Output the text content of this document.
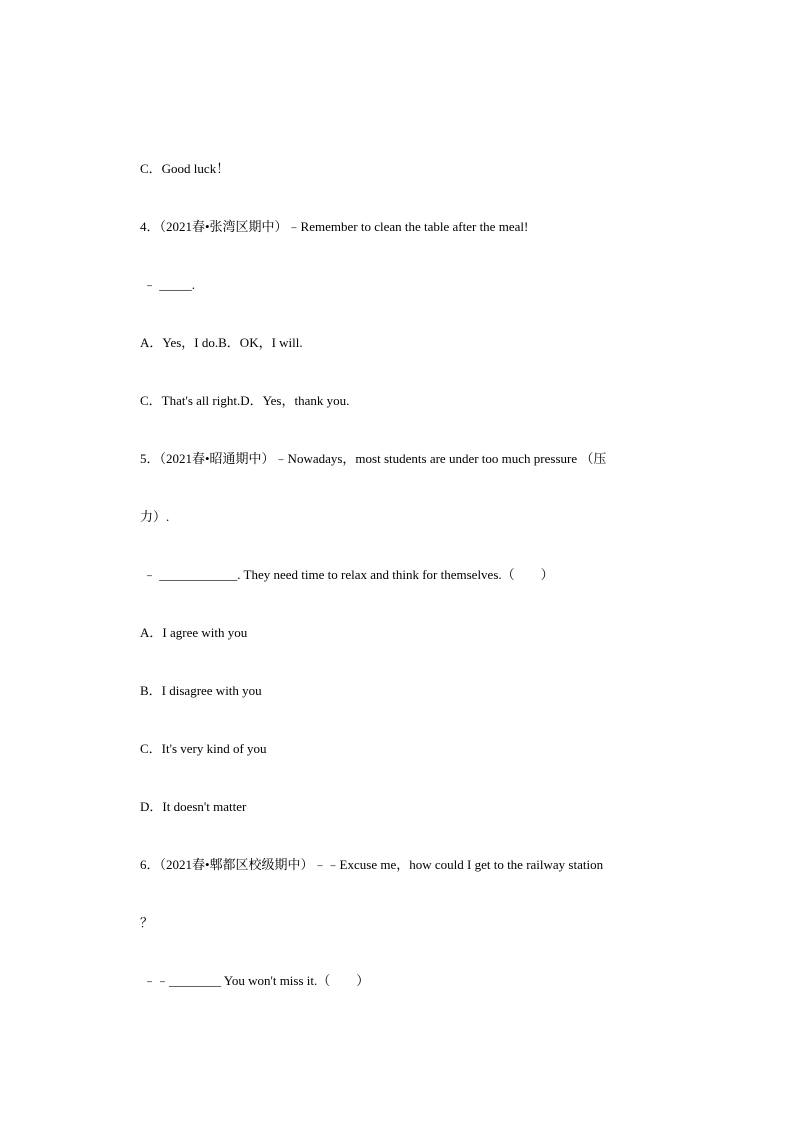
C．Good luck！
4．（2021春•张湾区期中）﹣Remember to clean the table after the meal!
﹣ _____.
A．Yes，I do.B．OK，I will.
C．That's all right.D．Yes，thank you.
5．（2021春•昭通期中）﹣Nowadays，most students are under too much pressure （压
力）.
﹣ ____________. They need time to relax and think for themselves.（　　）
A．I agree with you
B．I disagree with you
C．It's very kind of you
D．It doesn't matter
6．（2021春•郫都区校级期中）﹣﹣Excuse me，how could I get to the railway station
？
﹣﹣________ You won't miss it.（　　）
